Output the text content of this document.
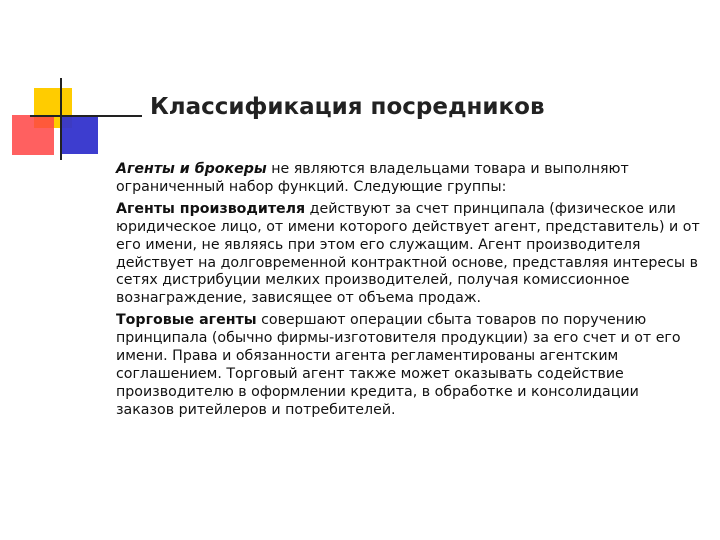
Классификация посредников

Агенты и брокеры не являются владельцами товара и выполняют ограниченный набор функций. Следующие группы:

Агенты производителя действуют за счет принципала (физическое или юридическое лицо, от имени которого действует агент, представитель) и от его имени, не являясь при этом его служащим. Агент производителя действует на долговременной контрактной основе, представляя интересы в сетях дистрибуции мелких производителей, получая комиссионное вознаграждение, зависящее от объема продаж.

Торговые агенты совершают операции сбыта товаров по поручению принципала (обычно фирмы-изготовителя продукции) за его счет и от его имени. Права и обязанности агента регламентированы агентским соглашением. Торговый агент также может оказывать содействие производителю в оформлении кредита, в обработке и консолидации заказов ритейлеров и потребителей.
